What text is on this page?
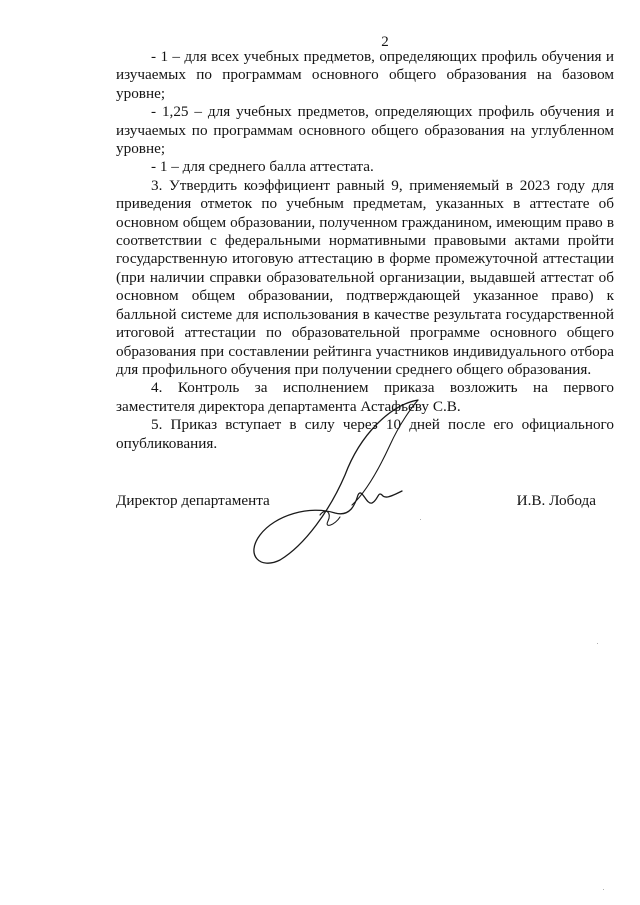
2

- 1 – для всех учебных предметов, определяющих профиль обучения и изучаемых по программам основного общего образования на базовом уровне;

- 1,25 – для учебных предметов, определяющих профиль обучения и изучаемых по программам основного общего образования на углубленном уровне;

- 1 – для среднего балла аттестата.

3. Утвердить коэффициент равный 9, применяемый в 2023 году для приведения отметок по учебным предметам, указанных в аттестате об основном общем образовании, полученном гражданином, имеющим право в соответствии с федеральными нормативными правовыми актами пройти государственную итоговую аттестацию в форме промежуточной аттестации (при наличии справки образовательной организации, выдавшей аттестат об основном общем образовании, подтверждающей указанное право) к балльной системе для использования в качестве результата государственной итоговой аттестации по образовательной программе основного общего образования при составлении рейтинга участников индивидуального отбора для профильного обучения при получении среднего общего образования.

4. Контроль за исполнением приказа возложить на первого заместителя директора департамента Астафьеву С.В.

5. Приказ вступает в силу через 10 дней после его официального опубликования.

Директор департамента	И.В. Лобода
